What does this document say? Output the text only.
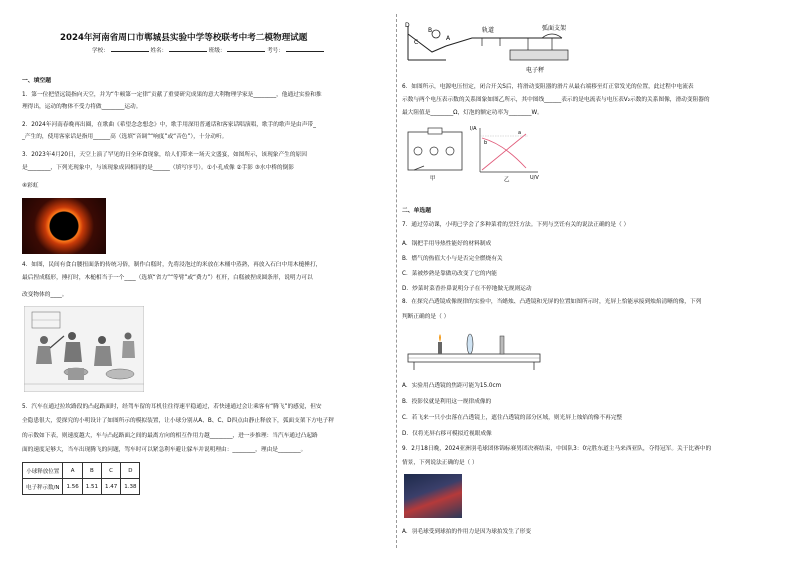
2024年河南省周口市郸城县实验中学等校联考中考二模物理试题
学校：	姓名：	班级：	考号：
一、填空题
1．第一位把望远镜指向天空，并为“牛顿第一定律”贡献了重要研究成果的意大利物理学家是________，他通过实验和推
理得出，运动的物体不受力将做________运动。
2．2024年河南春晚再出圈，在歌曲《希望念念想念》中，歌手用深用普通话和客家话唱演唱，歌手的歌声是由声带_
_产生的，使用客家话是指用______高（选填“音调”“响度”或“音色”），十分动听。
3．2023年4月20日，天空上演了罕见的日全环食现象，给人们带来一场天文盛宴，如图所示，该现象产生的原因
是________，下列光现象中，与该现象成因相同的是______（填写序号）。①小孔成像 ②手影 ③水中桥的倒影
④彩虹
4．如图，民间有食白腰扭面条的传统习俗，制作白糕时，先将浸泡过的米放在木桶中蒸熟，再放入石臼中用木槌捶打，
最后捏成糕形，捶打时，木槌相当于一个____（选填“省力”“等臂”或“费力”）杠杆，白糕被捏成圆条形，说明力可以
改变物体的____。
5．汽车在通过拉坎路段的凸起路面时，经驾车留的耳机往往得速平稳通过，若快速通过会让乘客有“腾飞”的感觉，但安
全隐患很大，爱探究的小明设计了如图所示的模拟装置，让小球分别从A、B、C、D四点由静止释放下，弧面支架下方电子秤
的示数如下表，则速度越大，车与凸起路面之间的最离方向的相互作用力越________，进一步推理：当汽车通过凸起路
面的速度足够大，当车出现腾飞的问题，驾车时可以紧急利车避让躲车并说明理由：________，理由是________。
小球释放位置	A	B	C	D
电子秤示数/N	1.56	1.51	1.47	1.38
D
C
B
A
轨道	弧面支架
电子秤
6．如图所示，电源电压恒定，闭合开关S后，将滑动变阻器的滑片从最右端移至灯正常发光的位置，此过程中电流表
示数与两个电压表示数的关系图象如图乙所示，其中图线______表示的是电流表与电压表V₂示数的关系图像，滑动变阻器的
最大阻值是________Ω，灯泡的额定功率为________W。
甲
I/A
U/V
a
b
乙
二、单选题
7．通过劳动课，小明已学会了多种菜肴的烹饪方法。下列与烹饪有关的说法正确的是（ ）
A．锅把手用导热性能好的材料制成
B．燃气的热值大小与是否完全燃烧有关
C．菜被炒熟是靠做功改变了它的内能
D．炒菜时菜香扑鼻说明分子在不停地做无规则运动
8．在探究凸透镜成像规律的实验中，当蜡烛、凸透镜和光屏的位置如图所示时，光屏上恰能承接到烛焰清晰的像，下列
判断正确的是（ ）
A．实验用凸透镜的焦距可能为15.0cm
B．投影仪就是利用这一规律成像的
C．若飞来一只小虫落在凸透镜上，遮住凸透镜的部分区域，则光屏上烛焰的像不再完整
D．仅将光屏右移可模拟近视眼成像
9．2月18日晚，2024亚洲羽毛球团体锦标赛男团决赛结束，中国队3：0完胜东道主马来西亚队，夺得冠军。关于比赛中的
情景，下列说法正确的是（ ）
A．羽毛球受到球拍的作用力是因为球拍发生了形变
